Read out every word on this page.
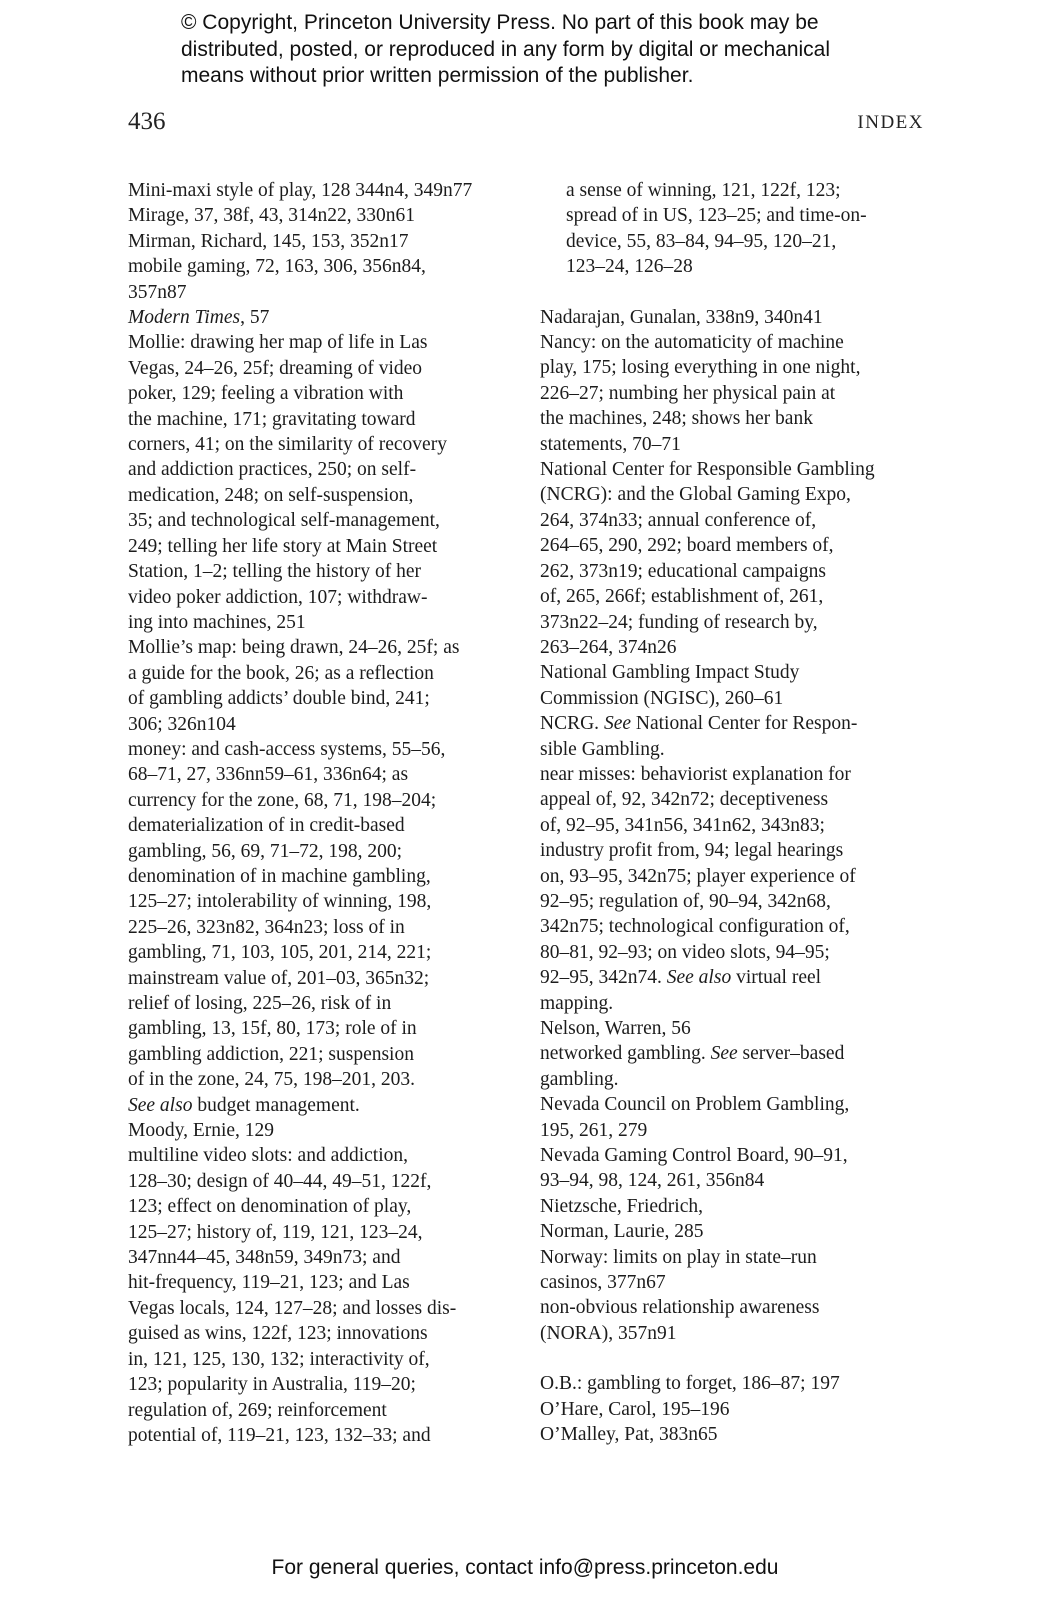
© Copyright, Princeton University Press. No part of this book may be
distributed, posted, or reproduced in any form by digital or mechanical
means without prior written permission of the publisher.
436	INDEX
Mini-maxi style of play, 128 344n4, 349n77
Mirage, 37, 38f, 43, 314n22, 330n61
Mirman, Richard, 145, 153, 352n17
mobile gaming, 72, 163, 306, 356n84,
357n87
Modern Times, 57
Mollie: drawing her map of life in Las
Vegas, 24–26, 25f; dreaming of video
poker, 129; feeling a vibration with
the machine, 171; gravitating toward
corners, 41; on the similarity of recovery
and addiction practices, 250; on self-
medication, 248; on self-suspension,
35; and technological self-management,
249; telling her life story at Main Street
Station, 1–2; telling the history of her
video poker addiction, 107; withdraw-
ing into machines, 251
Mollie’s map: being drawn, 24–26, 25f; as
a guide for the book, 26; as a reflection
of gambling addicts’ double bind, 241;
306; 326n104
money: and cash-access systems, 55–56,
68–71, 27, 336nn59–61, 336n64; as
currency for the zone, 68, 71, 198–204;
dematerialization of in credit-based
gambling, 56, 69, 71–72, 198, 200;
denomination of in machine gambling,
125–27; intolerability of winning, 198,
225–26, 323n82, 364n23; loss of in
gambling, 71, 103, 105, 201, 214, 221;
mainstream value of, 201–03, 365n32;
relief of losing, 225–26, risk of in
gambling, 13, 15f, 80, 173; role of in
gambling addiction, 221; suspension
of in the zone, 24, 75, 198–201, 203.
See also budget management.
Moody, Ernie, 129
multiline video slots: and addiction,
128–30; design of 40–44, 49–51, 122f,
123; effect on denomination of play,
125–27; history of, 119, 121, 123–24,
347nn44–45, 348n59, 349n73; and
hit-frequency, 119–21, 123; and Las
Vegas locals, 124, 127–28; and losses dis-
guised as wins, 122f, 123; innovations
in, 121, 125, 130, 132; interactivity of,
123; popularity in Australia, 119–20;
regulation of, 269; reinforcement
potential of, 119–21, 123, 132–33; and
a sense of winning, 121, 122f, 123;
spread of in US, 123–25; and time-on-
device, 55, 83–84, 94–95, 120–21,
123–24, 126–28
Nadarajan, Gunalan, 338n9, 340n41
Nancy: on the automaticity of machine
play, 175; losing everything in one night,
226–27; numbing her physical pain at
the machines, 248; shows her bank
statements, 70–71
National Center for Responsible Gambling
(NCRG): and the Global Gaming Expo,
264, 374n33; annual conference of,
264–65, 290, 292; board members of,
262, 373n19; educational campaigns
of, 265, 266f; establishment of, 261,
373n22–24; funding of research by,
263–264, 374n26
National Gambling Impact Study
Commission (NGISC), 260–61
NCRG. See National Center for Respon-
sible Gambling.
near misses: behaviorist explanation for
appeal of, 92, 342n72; deceptiveness
of, 92–95, 341n56, 341n62, 343n83;
industry profit from, 94; legal hearings
on, 93–95, 342n75; player experience of
92–95; regulation of, 90–94, 342n68,
342n75; technological configuration of,
80–81, 92–93; on video slots, 94–95;
92–95, 342n74. See also virtual reel
mapping.
Nelson, Warren, 56
networked gambling. See server–based
gambling.
Nevada Council on Problem Gambling,
195, 261, 279
Nevada Gaming Control Board, 90–91,
93–94, 98, 124, 261, 356n84
Nietzsche, Friedrich,
Norman, Laurie, 285
Norway: limits on play in state–run
casinos, 377n67
non-obvious relationship awareness
(NORA), 357n91
O.B.: gambling to forget, 186–87; 197
O’Hare, Carol, 195–196
O’Malley, Pat, 383n65
For general queries, contact info@press.princeton.edu
